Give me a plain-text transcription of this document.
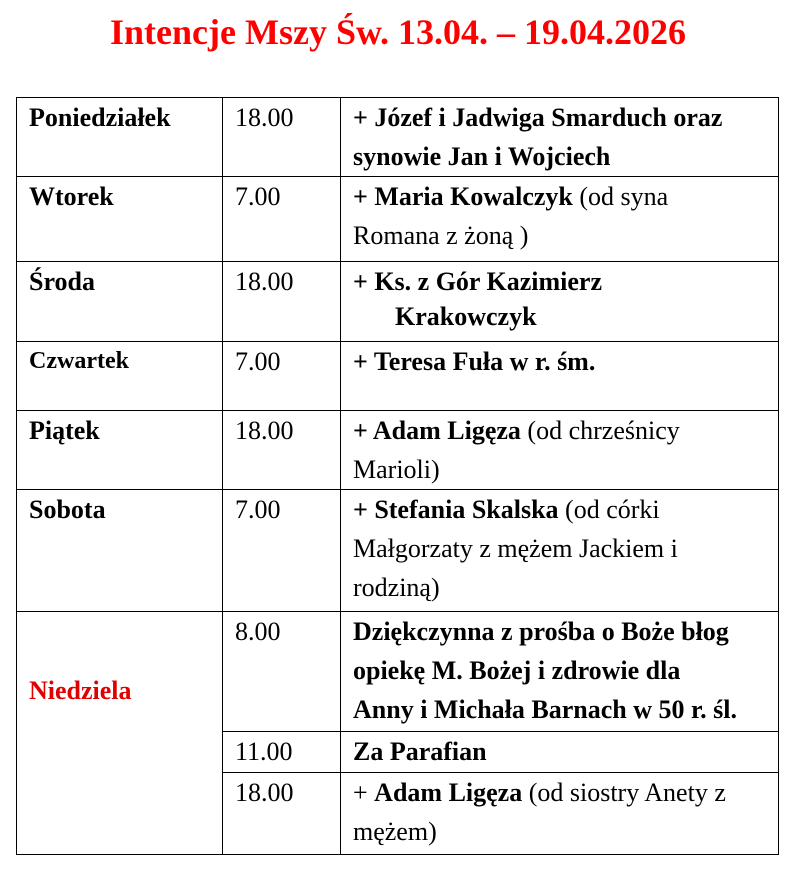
Intencje Mszy Św. 13.04. – 19.04.2026
Poniedziałek	18.00	+ Józef i Jadwiga Smarduch oraz
synowie Jan i Wojciech

Wtorek	7.00	+ Maria Kowalczyk (od syna
Romana z żoną )

Środa	18.00	+ Ks. z Gór Kazimierz
Krakowczyk

Czwartek	7.00	+ Teresa Fuła w r. śm.

Piątek	18.00	+ Adam Ligęza (od chrześnicy
Marioli)

Sobota	7.00	+ Stefania Skalska (od córki
Małgorzaty z mężem Jackiem i
rodziną)

Niedziela	8.00	Dziękczynna z prośba o Boże błog
opiekę M. Bożej i zdrowie dla
Anny i Michała Barnach w 50 r. śl.

	11.00	Za Parafian

	18.00	+ Adam Ligęza (od siostry Anety z
mężem)
